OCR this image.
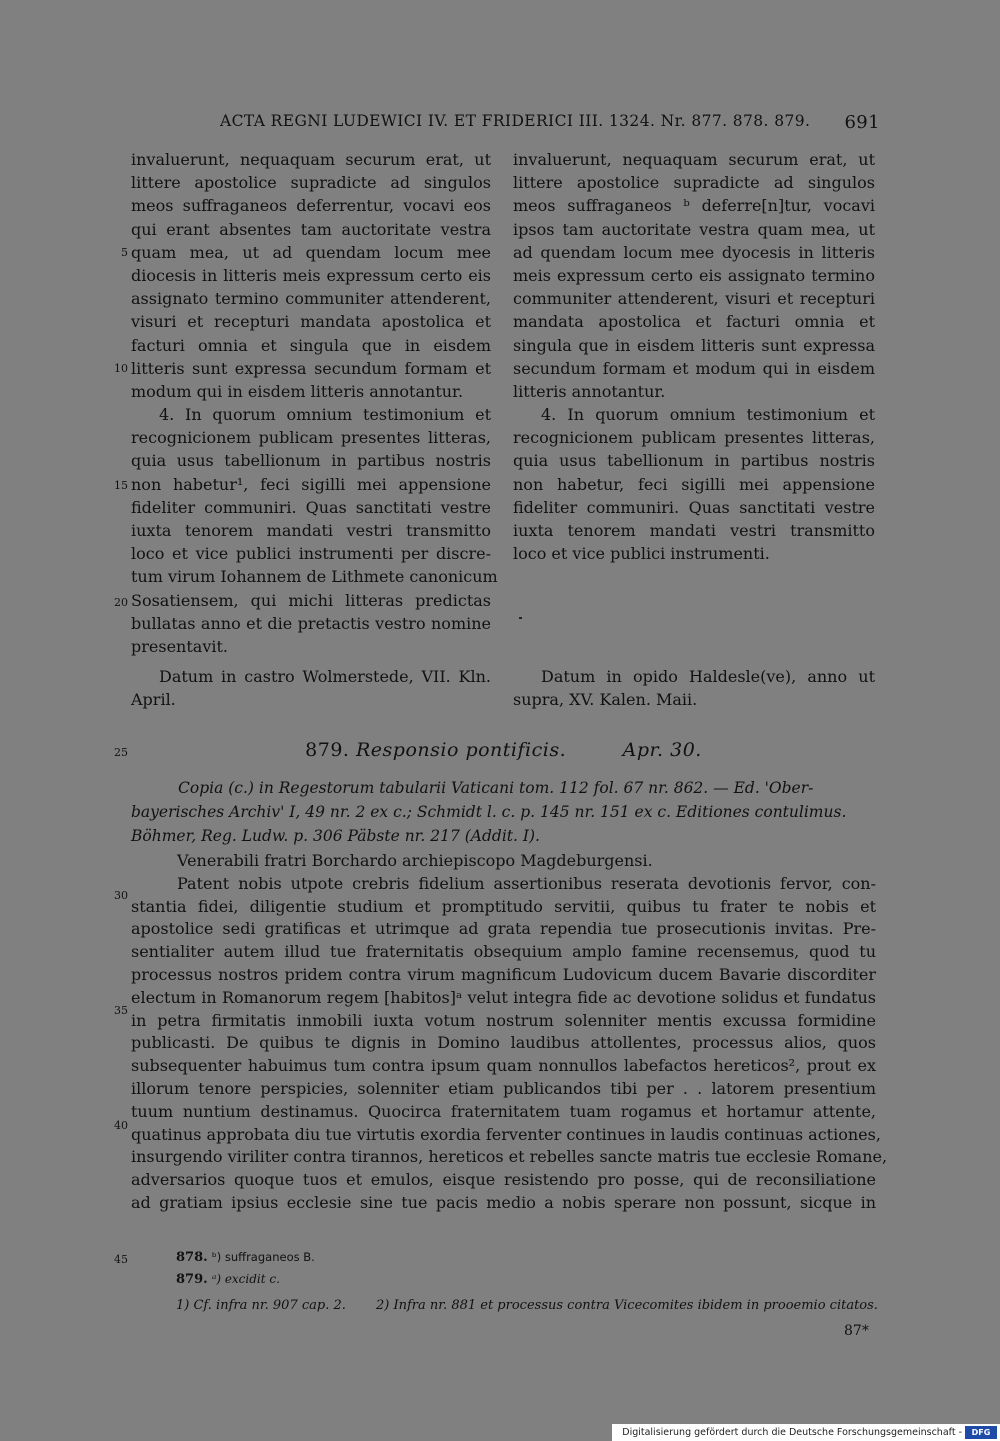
ACTA REGNI LUDEWICI IV. ET FRIDERICI III. 1324. Nr. 877. 878. 879. 691
invaluerunt, nequaquam securum erat, ut
littere apostolice supradicte ad singulos
meos suffraganeos deferrentur, vocavi eos
qui erant absentes tam auctoritate vestra
quam mea, ut ad quendam locum mee
diocesis in litteris meis expressum certo eis
assignato termino communiter attenderent,
visuri et recepturi mandata apostolica et
facturi omnia et singula que in eisdem
litteris sunt expressa secundum formam et
modum qui in eisdem litteris annotantur.
4. In quorum omnium testimonium et
recognicionem publicam presentes litteras,
quia usus tabellionum in partibus nostris
non habetur¹, feci sigilli mei appensione
fideliter communiri. Quas sanctitati vestre
iuxta tenorem mandati vestri transmitto
loco et vice publici instrumenti per discre-
tum virum Iohannem de Lithmete canonicum
Sosatiensem, qui michi litteras predictas
bullatas anno et die pretactis vestro nomine
presentavit.
5
10
15
20
25
30
35
40
45
invaluerunt, nequaquam securum erat, ut
littere apostolice supradicte ad singulos
meos suffraganeos ᵇ deferre[n]tur, vocavi
ipsos tam auctoritate vestra quam mea, ut
ad quendam locum mee dyocesis in litteris
meis expressum certo eis assignato termino
communiter attenderent, visuri et recepturi
mandata apostolica et facturi omnia et
singula que in eisdem litteris sunt expressa
secundum formam et modum qui in eisdem
litteris annotantur.
4. In quorum omnium testimonium et
recognicionem publicam presentes litteras,
quia usus tabellionum in partibus nostris
non habetur, feci sigilli mei appensione
fideliter communiri. Quas sanctitati vestre
iuxta tenorem mandati vestri transmitto
loco et vice publici instrumenti.
Datum in castro Wolmerstede, VII. Kln.
April.
Datum in opido Haldesle(ve), anno ut
supra, XV. Kalen. Maii.
879. Responsio pontificis.	Apr. 30.
Copia (c.) in Regestorum tabularii Vaticani tom. 112 fol. 67 nr. 862. — Ed. 'Ober-
bayerisches Archiv' I, 49 nr. 2 ex c.; Schmidt l. c. p. 145 nr. 151 ex c. Editiones contulimus.
Böhmer, Reg. Ludw. p. 306 Päbste nr. 217 (Addit. I).
Venerabili fratri Borchardo archiepiscopo Magdeburgensi.
Patent nobis utpote crebris fidelium assertionibus reserata devotionis fervor, con-
stantia fidei, diligentie studium et promptitudo servitii, quibus tu frater te nobis et
apostolice sedi gratificas et utrimque ad grata rependia tue prosecutionis invitas. Pre-
sentialiter autem illud tue fraternitatis obsequium amplo famine recensemus, quod tu
processus nostros pridem contra virum magnificum Ludovicum ducem Bavarie discorditer
electum in Romanorum regem [habitos]ᵃ velut integra fide ac devotione solidus et fundatus
in petra firmitatis inmobili iuxta votum nostrum solenniter mentis excussa formidine
publicasti. De quibus te dignis in Domino laudibus attollentes, processus alios, quos
subsequenter habuimus tum contra ipsum quam nonnullos labefactos hereticos², prout ex
illorum tenore perspicies, solenniter etiam publicandos tibi per . . latorem presentium
tuum nuntium destinamus. Quocirca fraternitatem tuam rogamus et hortamur attente,
quatinus approbata diu tue virtutis exordia ferventer continues in laudis continuas actiones,
insurgendo viriliter contra tirannos, hereticos et rebelles sancte matris tue ecclesie Romane,
adversarios quoque tuos et emulos, eisque resistendo pro posse, qui de reconsiliatione
ad gratiam ipsius ecclesie sine tue pacis medio a nobis sperare non possunt, sicque in
878. ᵇ) suffraganeos B.
879. ᵃ) excidit c.
1) Cf. infra nr. 907 cap. 2. 2) Infra nr. 881 et processus contra Vicecomites ibidem in prooemio citatos.
87*
Digitalisierung gefördert durch die Deutsche Forschungsgemeinschaft -	DFG
